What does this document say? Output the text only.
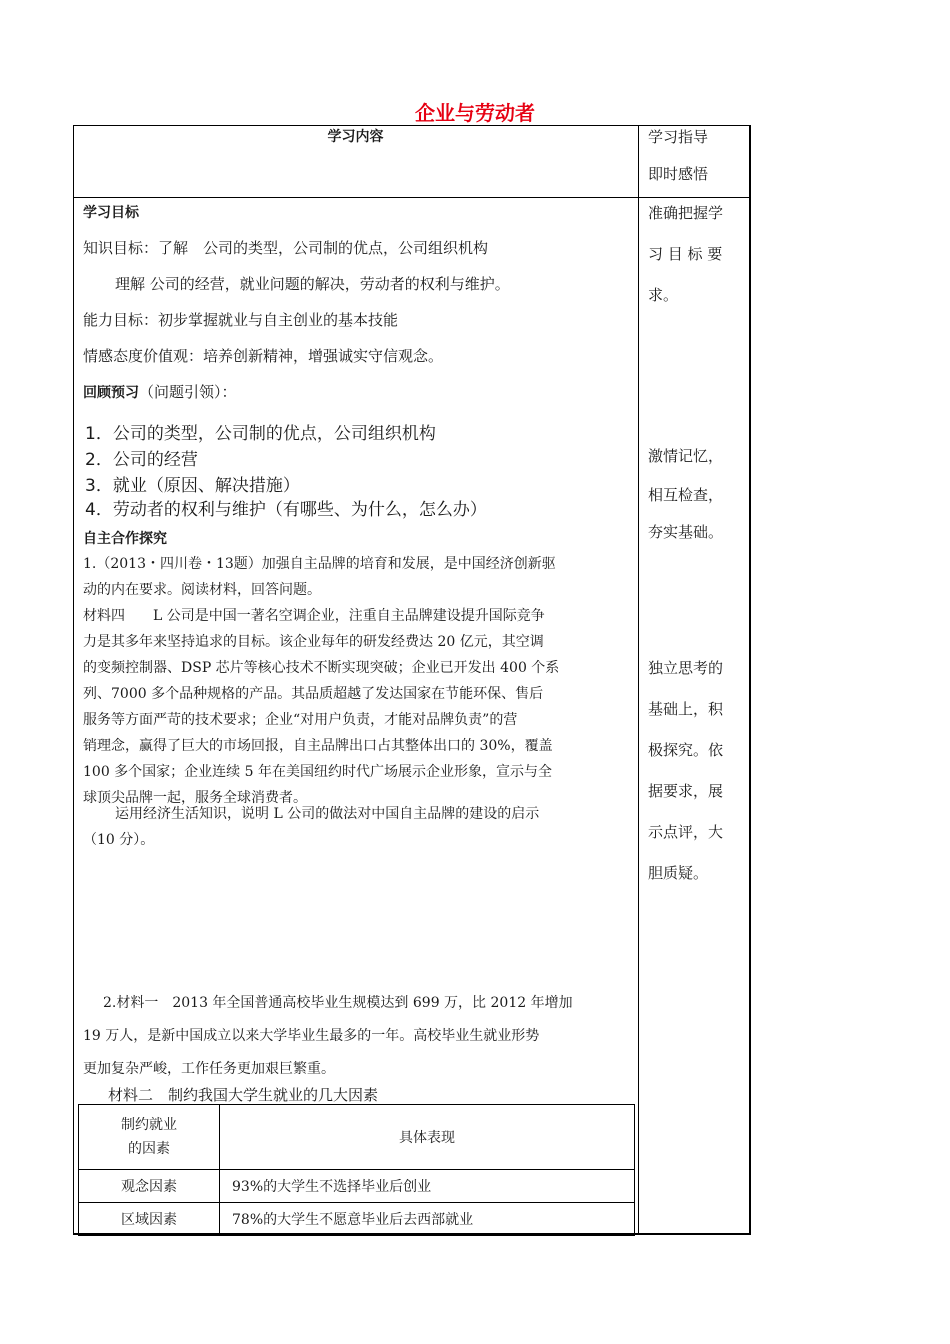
企业与劳动者
学习内容	学习指导
即时感悟
学习目标
知识目标：了解　公司的类型，公司制的优点，公司组织机构
理解 公司的经营，就业问题的解决，劳动者的权利与维护。
能力目标：初步掌握就业与自主创业的基本技能
情感态度价值观：培养创新精神，增强诚实守信观念。
回顾预习（问题引领）：
1．公司的类型，公司制的优点，公司组织机构
2．公司的经营
3．就业（原因、解决措施）
4．劳动者的权利与维护（有哪些、为什么，怎么办）
自主合作探究
1.（2013・四川卷・13题）加强自主品牌的培育和发展，是中国经济创新驱
动的内在要求。阅读材料，回答问题。
材料四　　L 公司是中国一著名空调企业，注重自主品牌建设提升国际竞争
力是其多年来坚持追求的目标。该企业每年的研发经费达 20 亿元，其空调
的变频控制器、DSP 芯片等核心技术不断实现突破；企业已开发出 400 个系
列、7000 多个品种规格的产品。其品质超越了发达国家在节能环保、售后
服务等方面严苛的技术要求；企业“对用户负责，才能对品牌负责”的营
销理念，赢得了巨大的市场回报，自主品牌出口占其整体出口的 30%，覆盖
100 多个国家；企业连续 5 年在美国纽约时代广场展示企业形象，宣示与全
球顶尖品牌一起，服务全球消费者。
运用经济生活知识，说明 L 公司的做法对中国自主品牌的建设的启示
（10 分）。
2.材料一　2013 年全国普通高校毕业生规模达到 699 万，比 2012 年增加
19 万人，是新中国成立以来大学毕业生最多的一年。高校毕业生就业形势
更加复杂严峻，工作任务更加艰巨繁重。
材料二　制约我国大学生就业的几大因素
制约就业
的因素	具体表现
观念因素	93%的大学生不选择毕业后创业
区域因素	78%的大学生不愿意毕业后去西部就业
准确把握学
习 目 标 要
求。
激情记忆，
相互检查，
夯实基础。
独立思考的
基础上，积
极探究。依
据要求，展
示点评，大
胆质疑。
